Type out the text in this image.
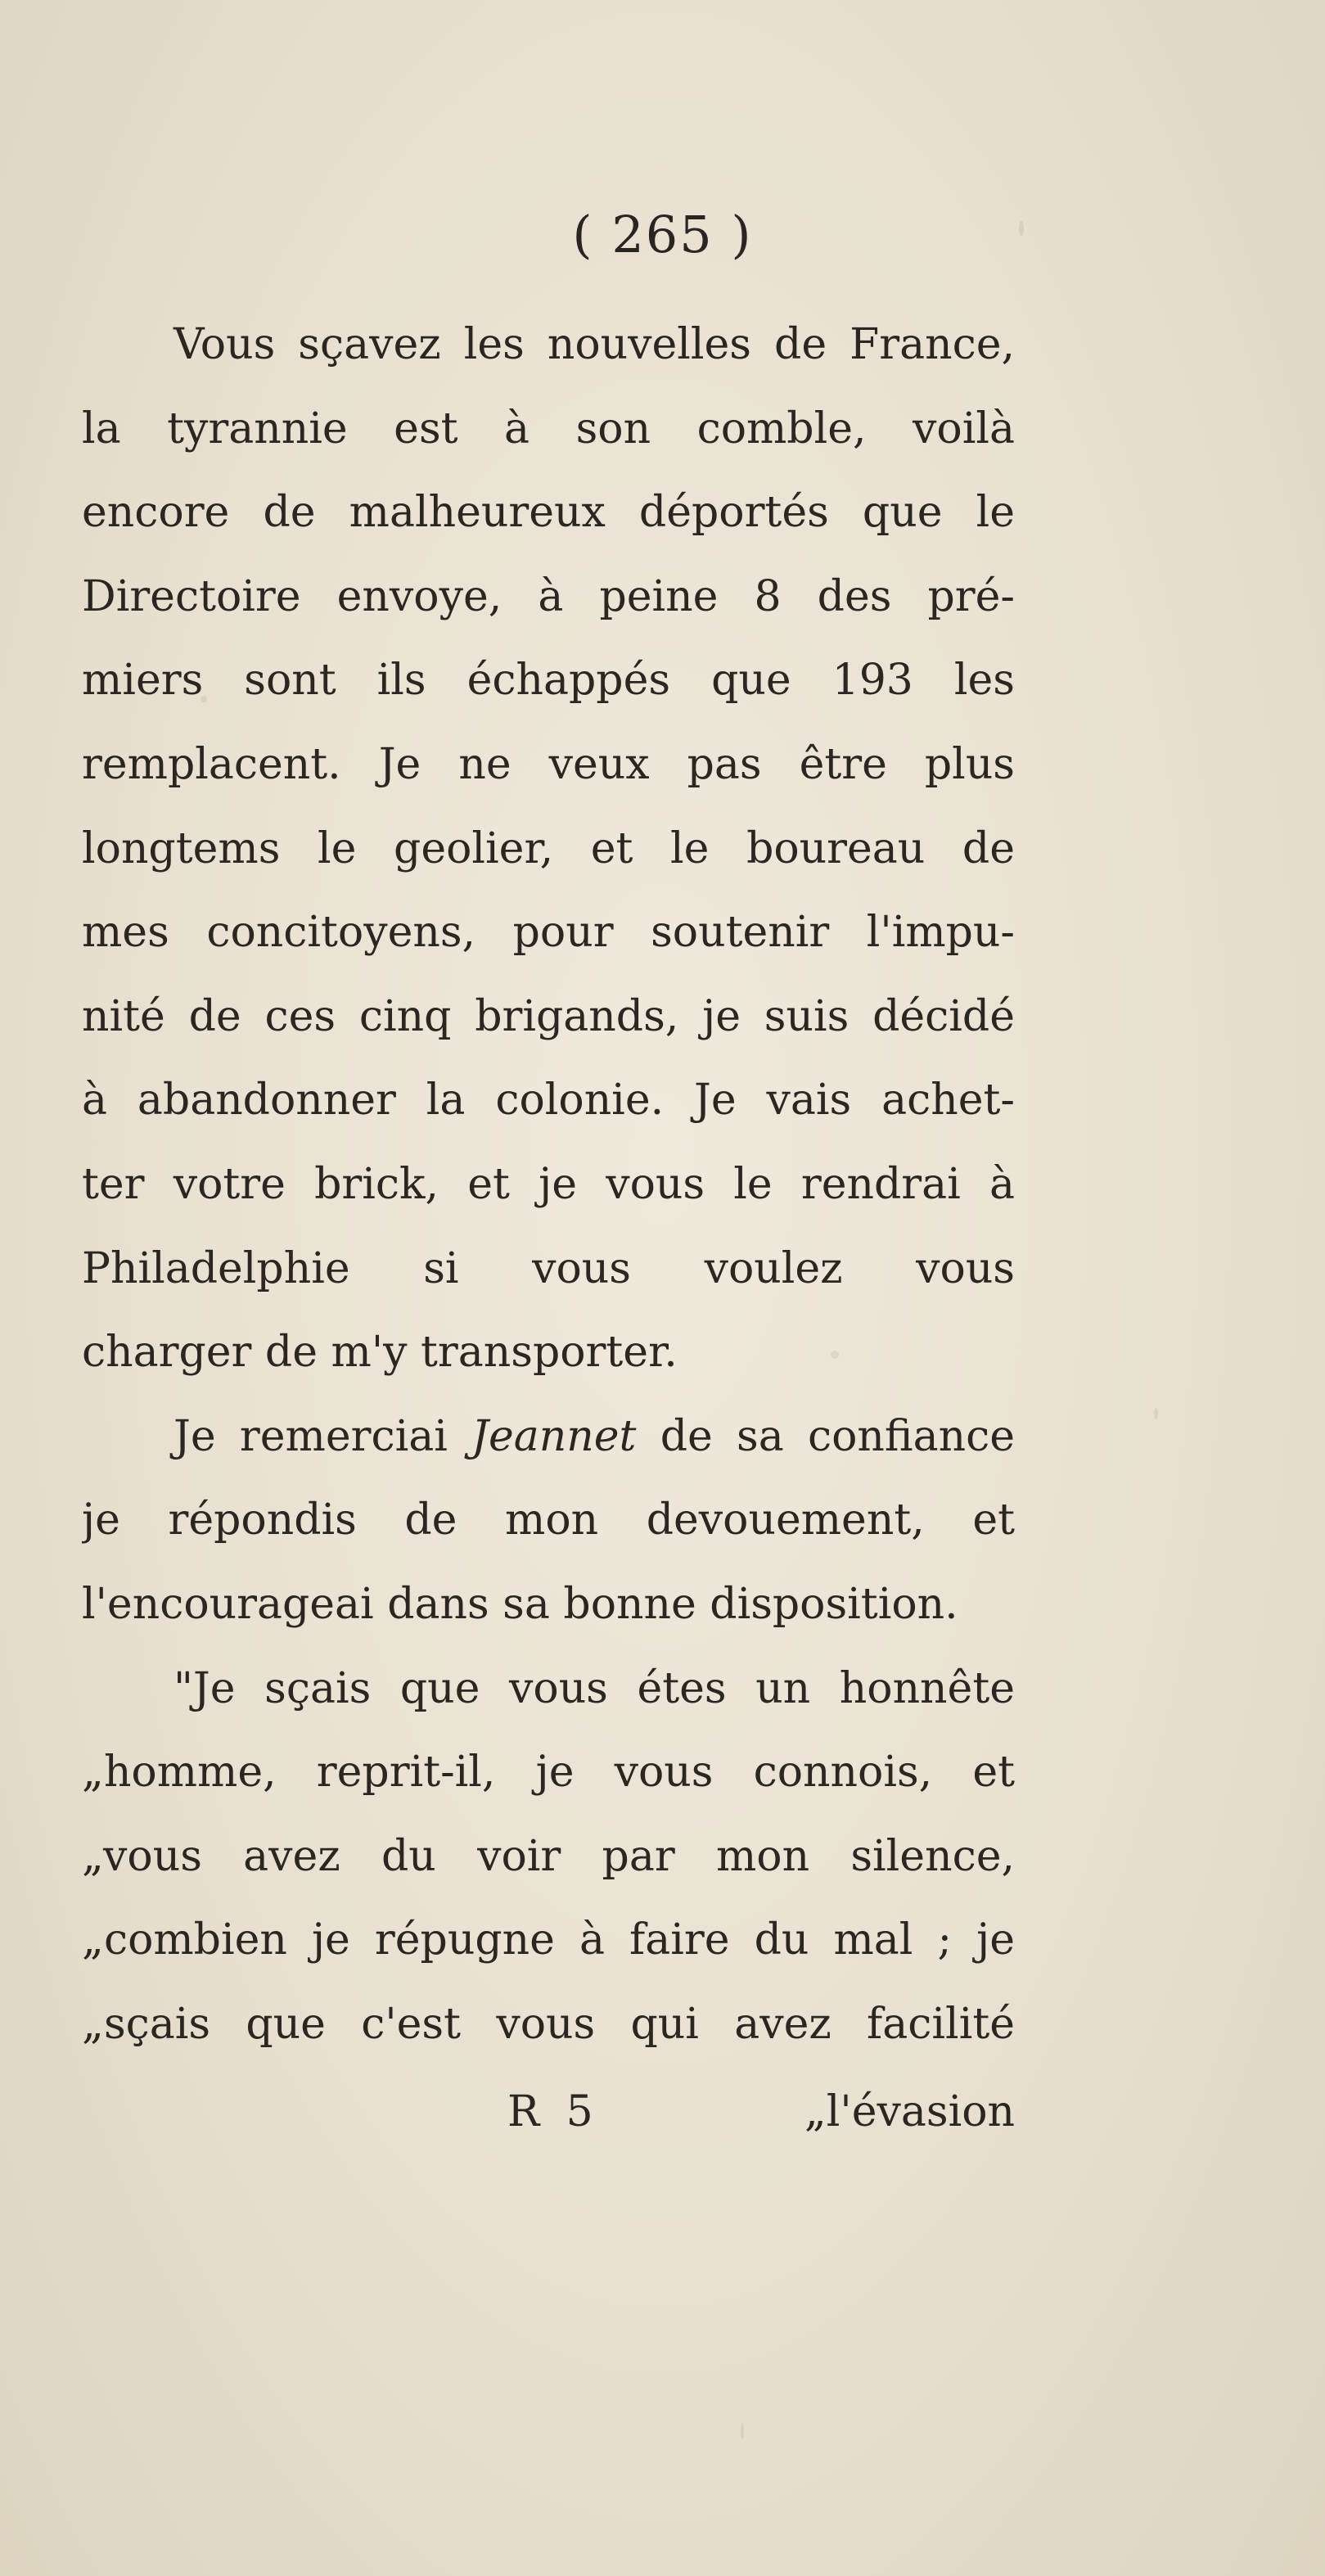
( 265 )
Vous sçavez les nouvelles de France,
la tyrannie est à son comble, voilà
encore de malheureux déportés que le
Directoire envoye, à peine 8 des pré-
miers sont ils échappés que 193 les
remplacent. Je ne veux pas être plus
longtems le geolier, et le boureau de
mes concitoyens, pour soutenir l'impu-
nité de ces cinq brigands, je suis décidé
à abandonner la colonie. Je vais achet-
ter votre brick, et je vous le rendrai à
Philadelphie si vous voulez vous
charger de m'y transporter.
Je remerciai Jeannet de sa confiance
je répondis de mon devouement, et
l'encourageai dans sa bonne disposition.
"Je sçais que vous étes un honnête
„homme, reprit-il, je vous connois, et
„vous avez du voir par mon silence,
„combien je répugne à faire du mal ; je
„sçais que c'est vous qui avez facilité
R 5	„l'évasion
